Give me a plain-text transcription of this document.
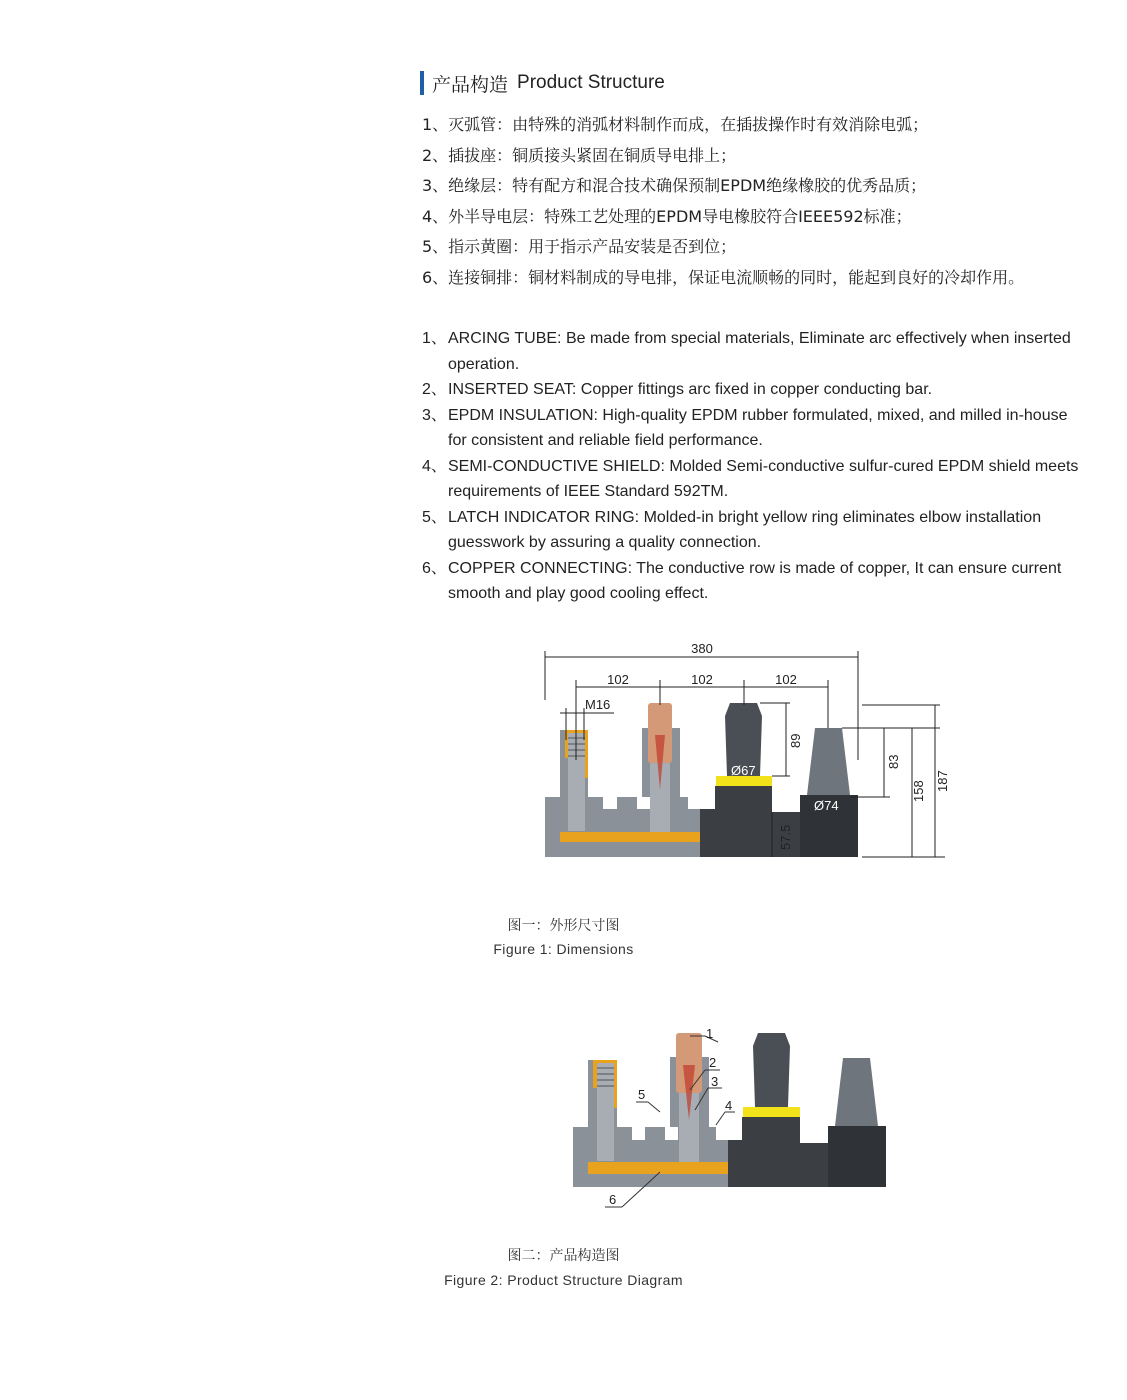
产品构造 Product Structure
1、灭弧管：由特殊的消弧材料制作而成，在插拔操作时有效消除电弧；
2、插拔座：铜质接头紧固在铜质导电排上；
3、绝缘层：特有配方和混合技术确保预制EPDM绝缘橡胶的优秀品质；
4、外半导电层：特殊工艺处理的EPDM导电橡胶符合IEEE592标准；
5、指示黄圈：用于指示产品安装是否到位；
6、连接铜排：铜材料制成的导电排，保证电流顺畅的同时，能起到良好的冷却作用。
1、 ARCING TUBE: Be made from special materials, Eliminate arc effectively when inserted operation.
2、 INSERTED SEAT: Copper fittings arc fixed in copper conducting bar.
3、 EPDM INSULATION: High-quality EPDM rubber formulated, mixed, and milled in-house for consistent and reliable field performance.
4、 SEMI-CONDUCTIVE SHIELD: Molded Semi-conductive sulfur-cured EPDM shield meets requirements of IEEE Standard 592TM.
5、 LATCH INDICATOR RING: Molded-in bright yellow ring eliminates elbow installation guesswork by assuring a quality connection.
6、 COPPER CONNECTING: The conductive row is made of copper, It can ensure current smooth and play good cooling effect.
380
102	102	102
M16
Ø67
Ø74
89
83
158 187
57.5
图一：外形尺寸图
Figure 1: Dimensions
1
2
3
4
5
6
图二：产品构造图
Figure 2: Product Structure Diagram
